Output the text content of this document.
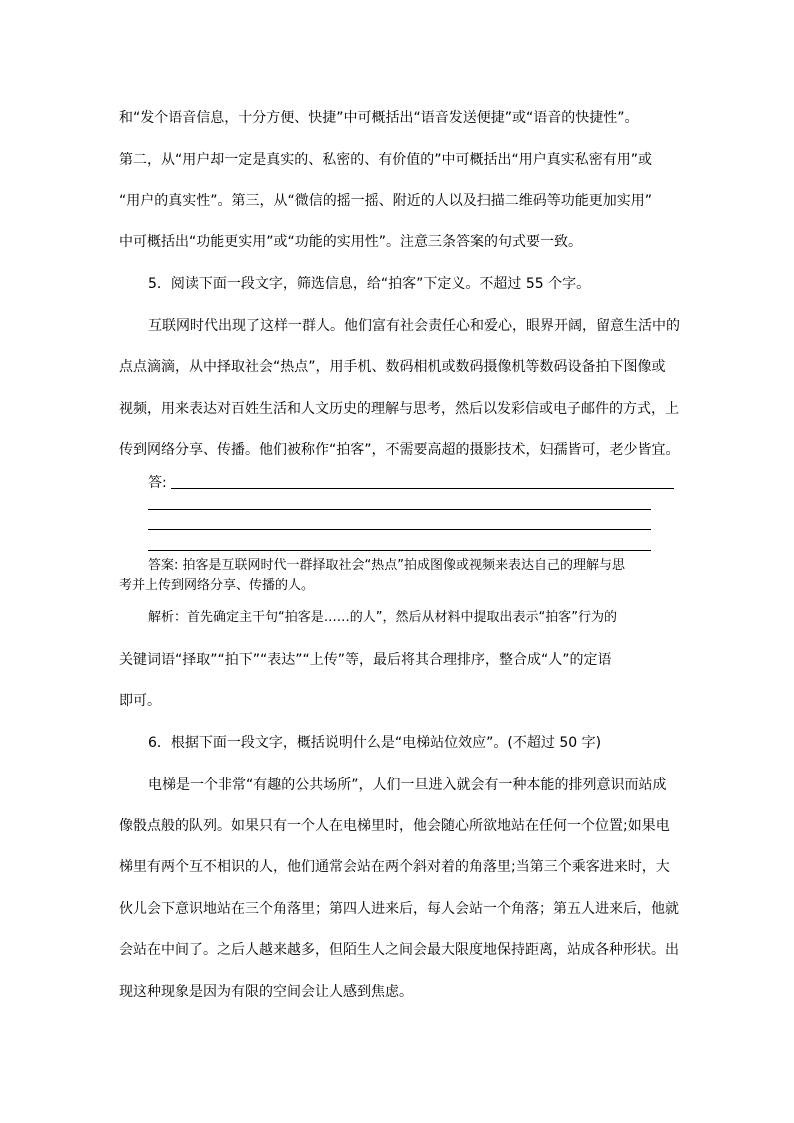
和“发个语音信息，十分方便、快捷”中可概括出“语音发送便捷”或“语音的快捷性”。
第二，从“用户却一定是真实的、私密的、有价值的”中可概括出“用户真实私密有用”或
“用户的真实性”。第三，从“微信的摇一摇、附近的人以及扫描二维码等功能更加实用”
中可概括出“功能更实用”或“功能的实用性”。注意三条答案的句式要一致。
5．阅读下面一段文字，筛选信息，给“拍客”下定义。不超过 55 个字。
互联网时代出现了这样一群人。他们富有社会责任心和爱心，眼界开阔，留意生活中的
点点滴滴，从中择取社会“热点”，用手机、数码相机或数码摄像机等数码设备拍下图像或
视频，用来表达对百姓生活和人文历史的理解与思考，然后以发彩信或电子邮件的方式，上
传到网络分享、传播。他们被称作“拍客”，不需要高超的摄影技术，妇孺皆可，老少皆宜。
答:
答案: 拍客是互联网时代一群择取社会“热点”拍成图像或视频来表达自己的理解与思
考并上传到网络分享、传播的人。
解析：首先确定主干句“拍客是……的人”，然后从材料中提取出表示“拍客”行为的
关键词语“择取”“拍下”“表达”“上传”等，最后将其合理排序，整合成“人”的定语
即可。
6．根据下面一段文字，概括说明什么是“电梯站位效应”。(不超过 50 字)
电梯是一个非常“有趣的公共场所”，人们一旦进入就会有一种本能的排列意识而站成
像骰点般的队列。如果只有一个人在电梯里时，他会随心所欲地站在任何一个位置;如果电
梯里有两个互不相识的人，他们通常会站在两个斜对着的角落里;当第三个乘客进来时，大
伙儿会下意识地站在三个角落里；第四人进来后，每人会站一个角落；第五人进来后，他就
会站在中间了。之后人越来越多，但陌生人之间会最大限度地保持距离，站成各种形状。出
现这种现象是因为有限的空间会让人感到焦虑。
